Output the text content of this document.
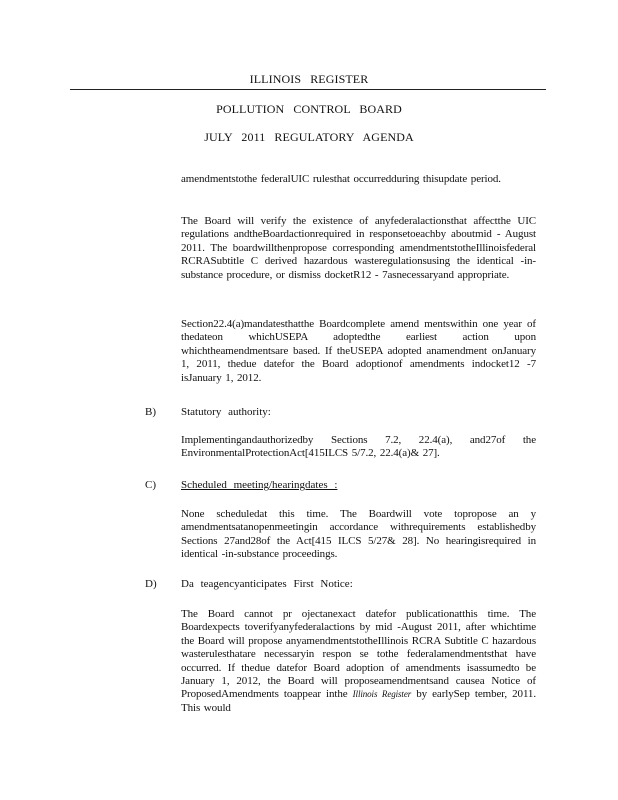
ILLINOIS REGISTER
POLLUTION CONTROL BOARD
JULY 2011 REGULATORY AGENDA

amendmentstothe federalUIC rulesthat occurredduring thisupdate period.

The Board will verify the existence of anyfederalactionsthat affectthe UIC regulations andtheBoardactionrequired in responsetoeachby aboutmid - August 2011. The boardwillthenpropose corresponding amendmentstotheIllinoisfederal RCRASubtitle C derived hazardous wasteregulationsusing the identical -in-substance procedure, or dismiss docketR12 - 7asnecessaryand appropriate.

Section22.4(a)mandatesthatthe Boardcomplete amend mentswithin one year of thedateon whichUSEPA adoptedthe earliest action upon whichtheamendmentsare based. If theUSEPA adopted anamendment onJanuary 1, 2011, thedue datefor the Board adoptionof amendments indocket12 -7 isJanuary 1, 2012.

B) Statutory authority:

Implementingandauthorizedby Sections 7.2, 22.4(a), and27of the EnvironmentalProtectionAct[415ILCS 5/7.2, 22.4(a)& 27].

C) Scheduled meeting/hearingdates :

None scheduledat this time. The Boardwill vote topropose an y amendmentsatanopenmeetingin accordance withrequirements establishedby Sections 27and28of the Act[415 ILCS 5/27& 28]. No hearingisrequired in identical -in-substance proceedings.

D) Da teagencyanticipates First Notice:

The Board cannot pr ojectanexact datefor publicationatthis time. The Boardexpects toverifyanyfederalactions by mid -August 2011, after whichtime the Board will propose anyamendmentstotheIllinois RCRA Subtitle C hazardous wasterulesthatare necessaryin respon se tothe federalamendmentsthat have occurred. If thedue datefor Board adoption of amendments isassumedto be January 1, 2012, the Board will proposeamendmentsand causea Notice of ProposedAmendments toappear inthe Illinois Register by earlySep tember, 2011. This would
